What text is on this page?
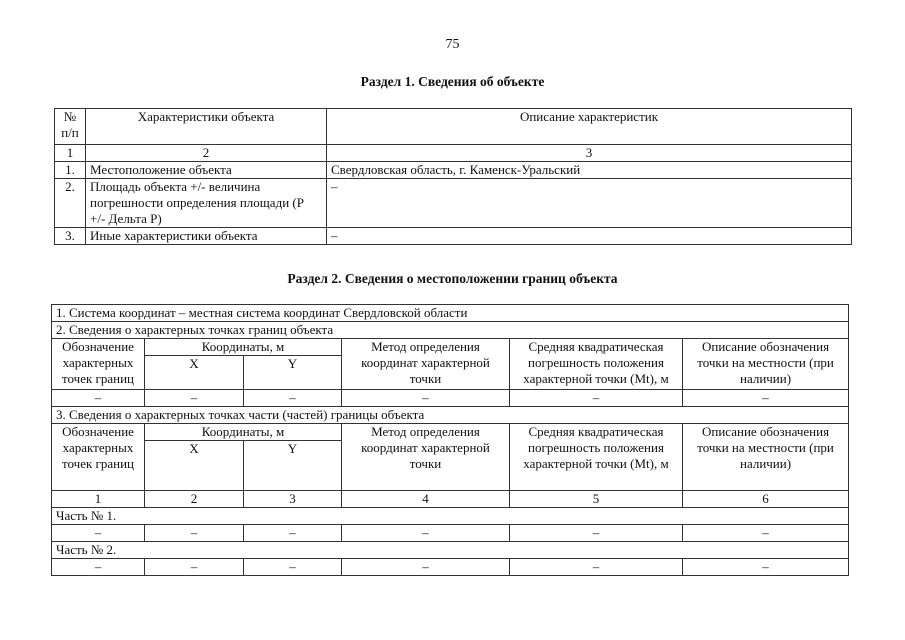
75
Раздел 1. Сведения об объекте
№ п/п	Характеристики объекта	Описание характеристик
1	2	3
1.	Местоположение объекта	Свердловская область, г. Каменск-Уральский
2.	Площадь объекта +/- величина погрешности определения площади (Р +/- Дельта Р)	–
3.	Иные характеристики объекта	–
Раздел 2. Сведения о местоположении границ объекта
1. Система координат – местная система координат Свердловской области					
2. Сведения о характерных точках границ объекта					
Обозначение характерных точек границ	Координаты, м		Метод определения координат характерной точки	Средняя квадратическая погрешность положения характерной точки (Mt), м	Описание обозначения точки на местности (при наличии)
	X	Y			
–	–	–	–	–	–
3. Сведения о характерных точках части (частей) границы объекта					
Обозначение характерных точек границ	Координаты, м		Метод определения координат характерной точки	Средняя квадратическая погрешность положения характерной точки (Mt), м	Описание обозначения точки на местности (при наличии)
	X	Y			
1	2	3	4	5	6
Часть № 1.					
–	–	–	–	–	–
Часть № 2.					
–	–	–	–	–	–
